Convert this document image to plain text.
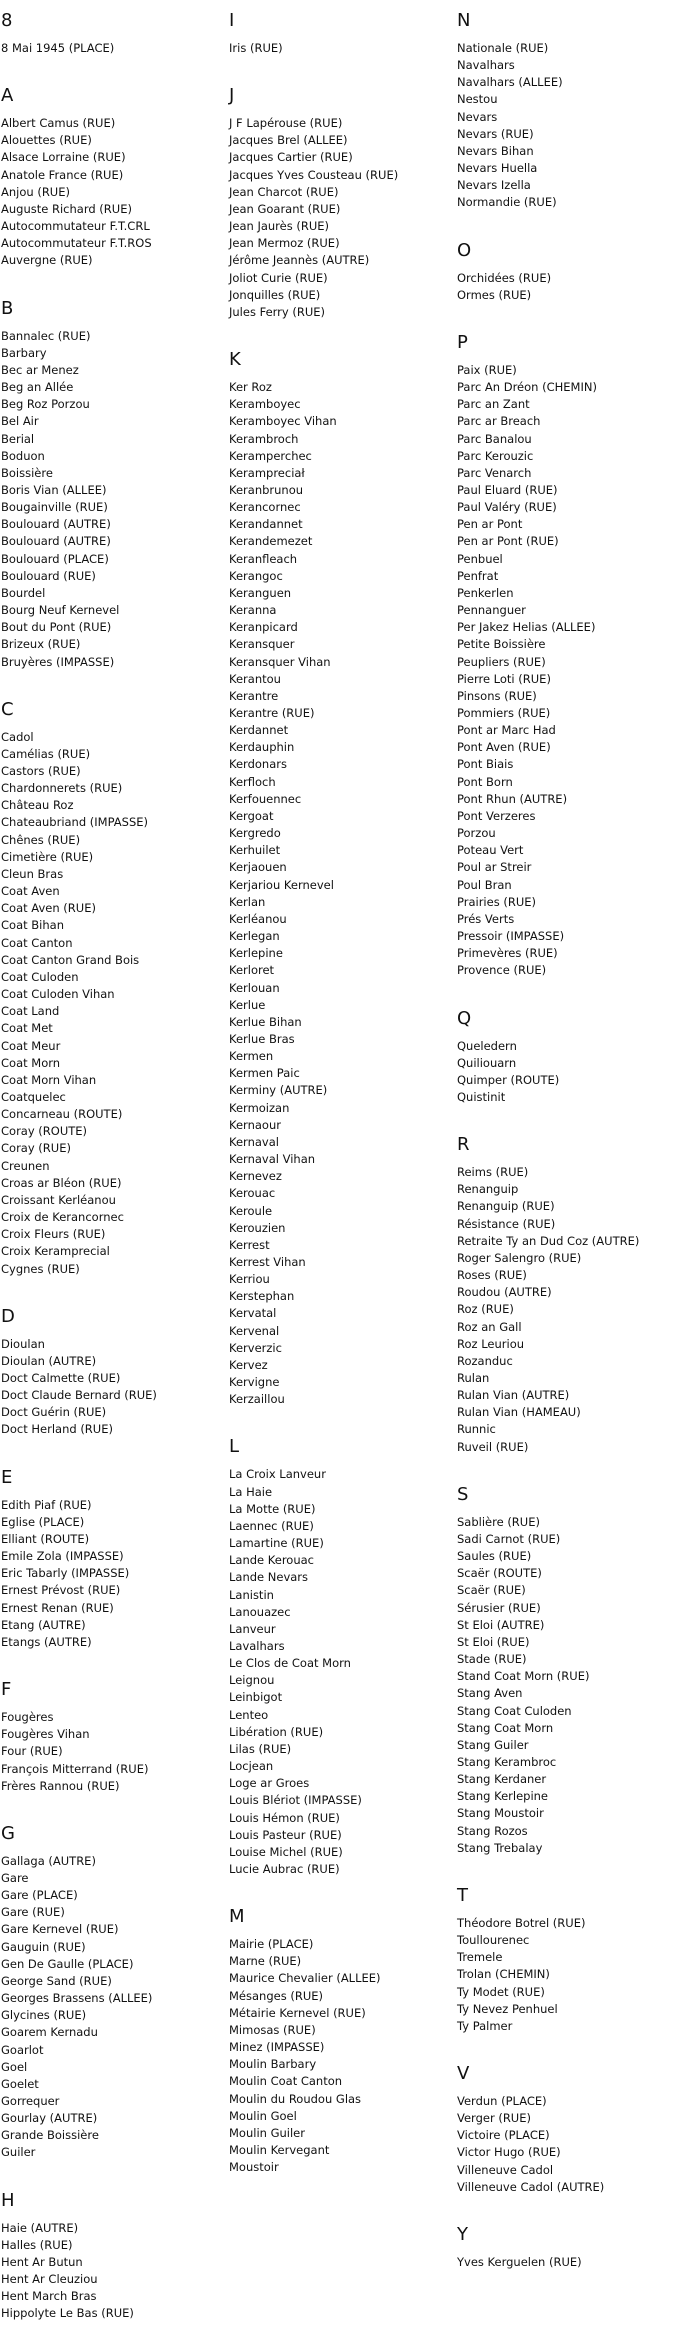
8
8 Mai 1945 (PLACE)
A
Albert Camus (RUE)
Alouettes (RUE)
Alsace Lorraine (RUE)
Anatole France (RUE)
Anjou (RUE)
Auguste Richard (RUE)
Autocommutateur F.T.CRL
Autocommutateur F.T.ROS
Auvergne (RUE)
B
Bannalec (RUE)
Barbary
Bec ar Menez
Beg an Allée
Beg Roz Porzou
Bel Air
Berial
Boduon
Boissière
Boris Vian (ALLEE)
Bougainville (RUE)
Boulouard (AUTRE)
Boulouard (AUTRE)
Boulouard (PLACE)
Boulouard (RUE)
Bourdel
Bourg Neuf Kernevel
Bout du Pont (RUE)
Brizeux (RUE)
Bruyères (IMPASSE)
C
Cadol
Camélias (RUE)
Castors (RUE)
Chardonnerets (RUE)
Château Roz
Chateaubriand (IMPASSE)
Chênes (RUE)
Cimetière (RUE)
Cleun Bras
Coat Aven
Coat Aven (RUE)
Coat Bihan
Coat Canton
Coat Canton Grand Bois
Coat Culoden
Coat Culoden Vihan
Coat Land
Coat Met
Coat Meur
Coat Morn
Coat Morn Vihan
Coatquelec
Concarneau (ROUTE)
Coray (ROUTE)
Coray (RUE)
Creunen
Croas ar Bléon (RUE)
Croissant Kerléanou
Croix de Kerancornec
Croix Fleurs (RUE)
Croix Keramprecial
Cygnes (RUE)
D
Dioulan
Dioulan (AUTRE)
Doct Calmette (RUE)
Doct Claude Bernard (RUE)
Doct Guérin (RUE)
Doct Herland (RUE)
E
Edith Piaf (RUE)
Eglise (PLACE)
Elliant (ROUTE)
Emile Zola (IMPASSE)
Eric Tabarly (IMPASSE)
Ernest Prévost (RUE)
Ernest Renan (RUE)
Etang (AUTRE)
Etangs (AUTRE)
F
Fougères
Fougères Vihan
Four (RUE)
François Mitterrand (RUE)
Frères Rannou (RUE)
G
Gallaga (AUTRE)
Gare
Gare (PLACE)
Gare (RUE)
Gare Kernevel (RUE)
Gauguin (RUE)
Gen De Gaulle (PLACE)
George Sand (RUE)
Georges Brassens (ALLEE)
Glycines (RUE)
Goarem Kernadu
Goarlot
Goel
Goelet
Gorrequer
Gourlay (AUTRE)
Grande Boissière
Guiler
H
Haie (AUTRE)
Halles (RUE)
Hent Ar Butun
Hent Ar Cleuziou
Hent March Bras
Hippolyte Le Bas (RUE)
I
Iris (RUE)
J
J F Lapérouse (RUE)
Jacques Brel (ALLEE)
Jacques Cartier (RUE)
Jacques Yves Cousteau (RUE)
Jean Charcot (RUE)
Jean Goarant (RUE)
Jean Jaurès (RUE)
Jean Mermoz (RUE)
Jérôme Jeannès (AUTRE)
Joliot Curie (RUE)
Jonquilles (RUE)
Jules Ferry (RUE)
K
Ker Roz
Keramboyec
Keramboyec Vihan
Kerambroch
Keramperchec
Kerampreciał
Keranbrunou
Kerancornec
Kerandannet
Kerandemezet
Keranfleach
Kerangoc
Keranguen
Keranna
Keranpicard
Keransquer
Keransquer Vihan
Kerantou
Kerantre
Kerantre (RUE)
Kerdannet
Kerdauphin
Kerdonars
Kerfloch
Kerfouennec
Kergoat
Kergredo
Kerhuilet
Kerjaouen
Kerjariou Kernevel
Kerlan
Kerléanou
Kerlegan
Kerlepine
Kerloret
Kerlouan
Kerlue
Kerlue Bihan
Kerlue Bras
Kermen
Kermen Paic
Kerminy (AUTRE)
Kermoizan
Kernaour
Kernaval
Kernaval Vihan
Kernevez
Kerouac
Keroule
Kerouzien
Kerrest
Kerrest Vihan
Kerriou
Kerstephan
Kervatal
Kervenal
Kerverzic
Kervez
Kervigne
Kerzaillou
L
La Croix Lanveur
La Haie
La Motte (RUE)
Laennec (RUE)
Lamartine (RUE)
Lande Kerouac
Lande Nevars
Lanistin
Lanouazec
Lanveur
Lavalhars
Le Clos de Coat Morn
Leignou
Leinbigot
Lenteo
Libération (RUE)
Lilas (RUE)
Locjean
Loge ar Groes
Louis Blériot (IMPASSE)
Louis Hémon (RUE)
Louis Pasteur (RUE)
Louise Michel (RUE)
Lucie Aubrac (RUE)
M
Mairie (PLACE)
Marne (RUE)
Maurice Chevalier (ALLEE)
Mésanges (RUE)
Métairie Kernevel (RUE)
Mimosas (RUE)
Minez (IMPASSE)
Moulin Barbary
Moulin Coat Canton
Moulin du Roudou Glas
Moulin Goel
Moulin Guiler
Moulin Kervegant
Moustoir
N
Nationale (RUE)
Navalhars
Navalhars (ALLEE)
Nestou
Nevars
Nevars (RUE)
Nevars Bihan
Nevars Huella
Nevars Izella
Normandie (RUE)
O
Orchidées (RUE)
Ormes (RUE)
P
Paix (RUE)
Parc An Dréon (CHEMIN)
Parc an Zant
Parc ar Breach
Parc Banalou
Parc Kerouzic
Parc Venarch
Paul Eluard (RUE)
Paul Valéry (RUE)
Pen ar Pont
Pen ar Pont (RUE)
Penbuel
Penfrat
Penkerlen
Pennanguer
Per Jakez Helias (ALLEE)
Petite Boissière
Peupliers (RUE)
Pierre Loti (RUE)
Pinsons (RUE)
Pommiers (RUE)
Pont ar Marc Had
Pont Aven (RUE)
Pont Biais
Pont Born
Pont Rhun (AUTRE)
Pont Verzeres
Porzou
Poteau Vert
Poul ar Streir
Poul Bran
Prairies (RUE)
Prés Verts
Pressoir (IMPASSE)
Primevères (RUE)
Provence (RUE)
Q
Queledern
Quiliouarn
Quimper (ROUTE)
Quistinit
R
Reims (RUE)
Renanguip
Renanguip (RUE)
Résistance (RUE)
Retraite Ty an Dud Coz (AUTRE)
Roger Salengro (RUE)
Roses (RUE)
Roudou (AUTRE)
Roz (RUE)
Roz an Gall
Roz Leuriou
Rozanduc
Rulan
Rulan Vian (AUTRE)
Rulan Vian (HAMEAU)
Runnic
Ruveil (RUE)
S
Sablière (RUE)
Sadi Carnot (RUE)
Saules (RUE)
Scaër (ROUTE)
Scaër (RUE)
Sérusier (RUE)
St Eloi (AUTRE)
St Eloi (RUE)
Stade (RUE)
Stand Coat Morn (RUE)
Stang Aven
Stang Coat Culoden
Stang Coat Morn
Stang Guiler
Stang Kerambroc
Stang Kerdaner
Stang Kerlepine
Stang Moustoir
Stang Rozos
Stang Trebalay
T
Théodore Botrel (RUE)
Toullourenec
Tremele
Trolan (CHEMIN)
Ty Modet (RUE)
Ty Nevez Penhuel
Ty Palmer
V
Verdun (PLACE)
Verger (RUE)
Victoire (PLACE)
Victor Hugo (RUE)
Villeneuve Cadol
Villeneuve Cadol (AUTRE)
Y
Yves Kerguelen (RUE)
